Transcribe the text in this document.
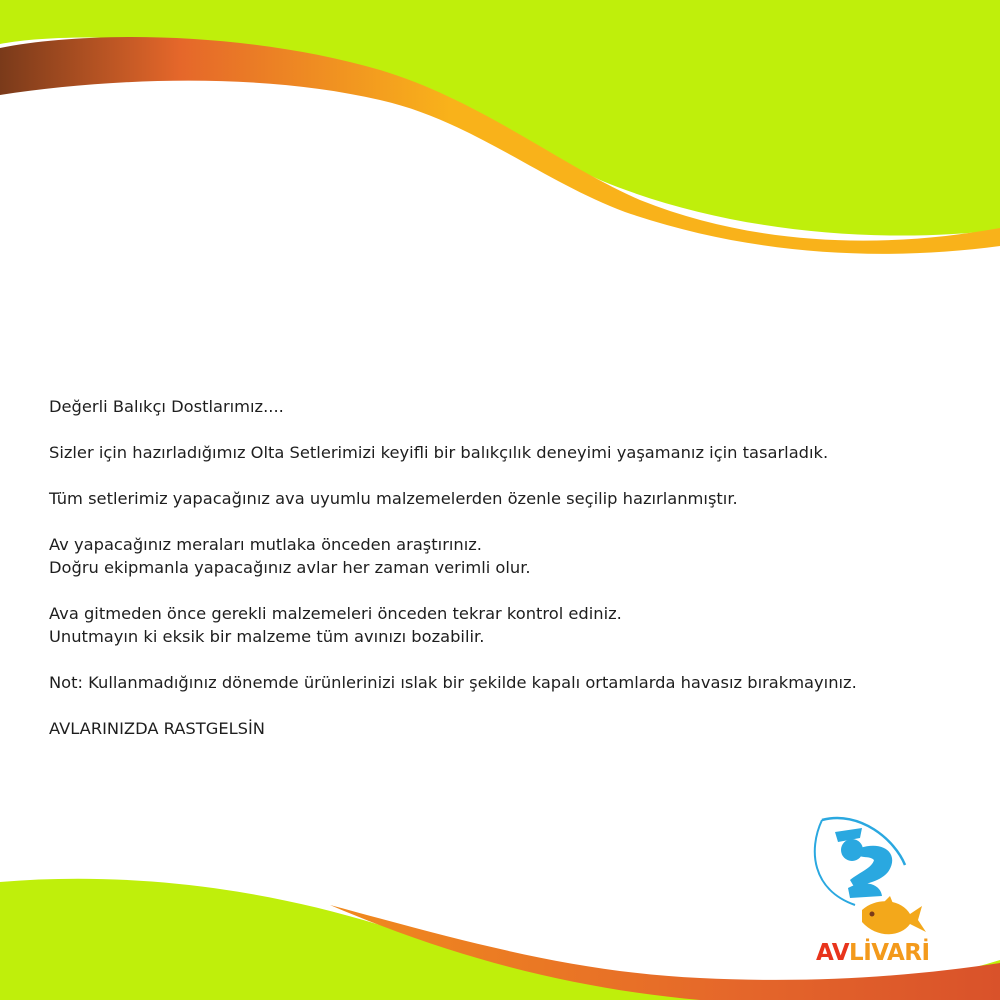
Değerli Balıkçı Dostlarımız....

Sizler için hazırladığımız Olta Setlerimizi keyifli bir balıkçılık deneyimi yaşamanız için tasarladık.

Tüm setlerimiz yapacağınız ava uyumlu malzemelerden özenle seçilip hazırlanmıştır.

Av yapacağınız meraları mutlaka önceden araştırınız.

Doğru ekipmanla yapacağınız avlar her zaman verimli olur.

Ava gitmeden önce gerekli malzemeleri önceden tekrar kontrol ediniz.

Unutmayın ki eksik bir malzeme tüm avınızı bozabilir.

Not: Kullanmadığınız dönemde ürünlerinizi ıslak bir şekilde kapalı ortamlarda havasız bırakmayınız.

AVLARINIZDA RASTGELSİN

AVLİVARİ
